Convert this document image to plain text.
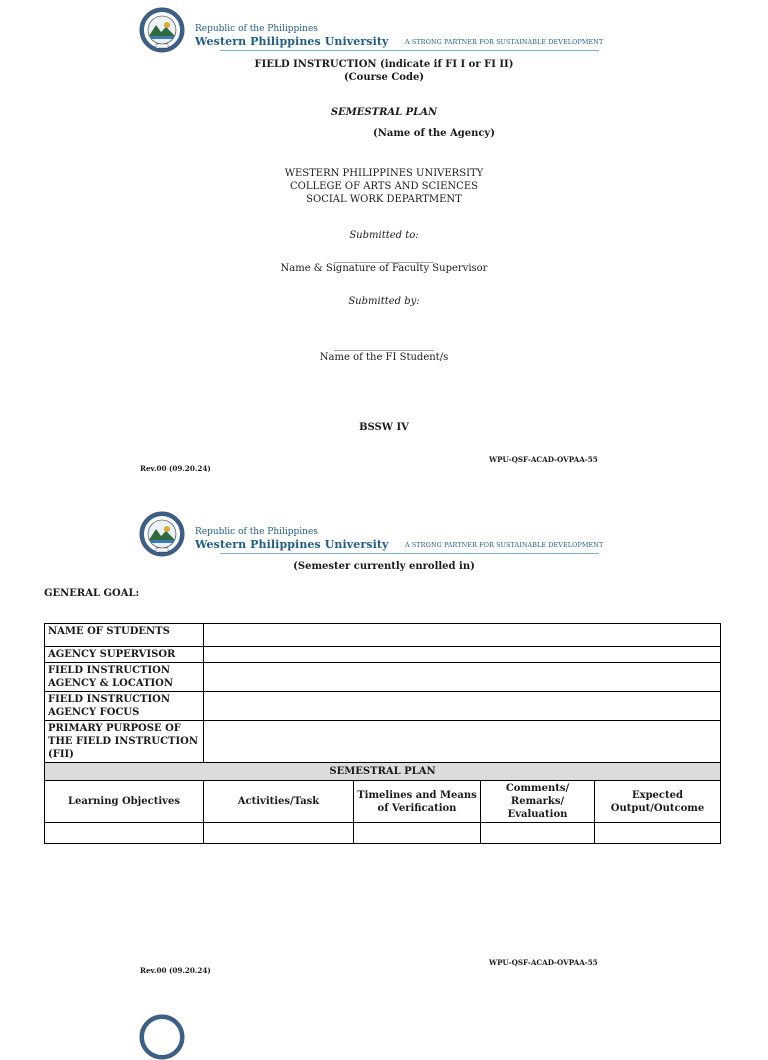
Republic of the Philippines
Western Philippines University	A STRONG PARTNER FOR SUSTAINABLE DEVELOPMENT
FIELD INSTRUCTION (indicate if FI I or FI II)
(Course Code)
SEMESTRAL PLAN
(Name of the Agency)
WESTERN PHILIPPINES UNIVERSITY
COLLEGE OF ARTS AND SCIENCES
SOCIAL WORK DEPARTMENT
Submitted to:
____________________
Name & Signature of Faculty Supervisor
Submitted by:
____________________
Name of the FI Student/s
BSSW IV
WPU-QSF-ACAD-OVPAA-55
Rev.00 (09.20.24)
Republic of the Philippines
Western Philippines University	A STRONG PARTNER FOR SUSTAINABLE DEVELOPMENT
(Semester currently enrolled in)
GENERAL GOAL:
NAME OF STUDENTS				
AGENCY SUPERVISOR				
FIELD INSTRUCTION AGENCY & LOCATION				
FIELD INSTRUCTION AGENCY FOCUS				
PRIMARY PURPOSE OF THE FIELD INSTRUCTION (FII)				
SEMESTRAL PLAN				
Learning Objectives	Activities/Task	Timelines and Means of Verification	Comments/ Remarks/ Evaluation	Expected Output/Outcome

WPU-QSF-ACAD-OVPAA-55
Rev.00 (09.20.24)
